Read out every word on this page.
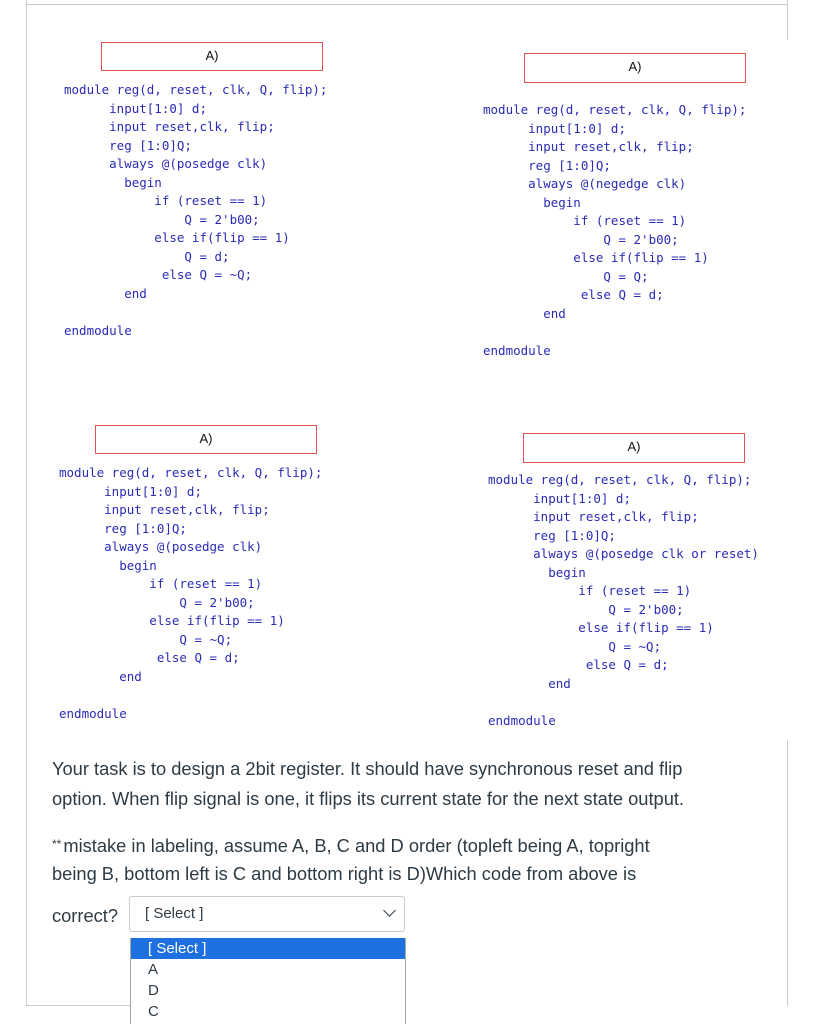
A)
module reg(d, reset, clk, Q, flip);
input[1:0] d;
input reset,clk, flip;
reg [1:0]Q;
always @(posedge clk)
begin
if (reset == 1)
Q = 2'b00;
else if(flip == 1)
Q = d;
else Q = ~Q;
end

endmodule
A)
module reg(d, reset, clk, Q, flip);
input[1:0] d;
input reset,clk, flip;
reg [1:0]Q;
always @(negedge clk)
begin
if (reset == 1)
Q = 2'b00;
else if(flip == 1)
Q = Q;
else Q = d;
end

endmodule
A)
module reg(d, reset, clk, Q, flip);
input[1:0] d;
input reset,clk, flip;
reg [1:0]Q;
always @(posedge clk)
begin
if (reset == 1)
Q = 2'b00;
else if(flip == 1)
Q = ~Q;
else Q = d;
end

endmodule
A)
module reg(d, reset, clk, Q, flip);
input[1:0] d;
input reset,clk, flip;
reg [1:0]Q;
always @(posedge clk or reset)
begin
if (reset == 1)
Q = 2'b00;
else if(flip == 1)
Q = ~Q;
else Q = d;
end

endmodule
Your task is to design a 2bit register. It should have synchronous reset and flip
option. When flip signal is one, it flips its current state for the next state output.
** mistake in labeling, assume A, B, C and D order (topleft being A, topright
being B, bottom left is C and bottom right is D)Which code from above is
correct?	[ Select ]
[ Select ]
A
D
C
